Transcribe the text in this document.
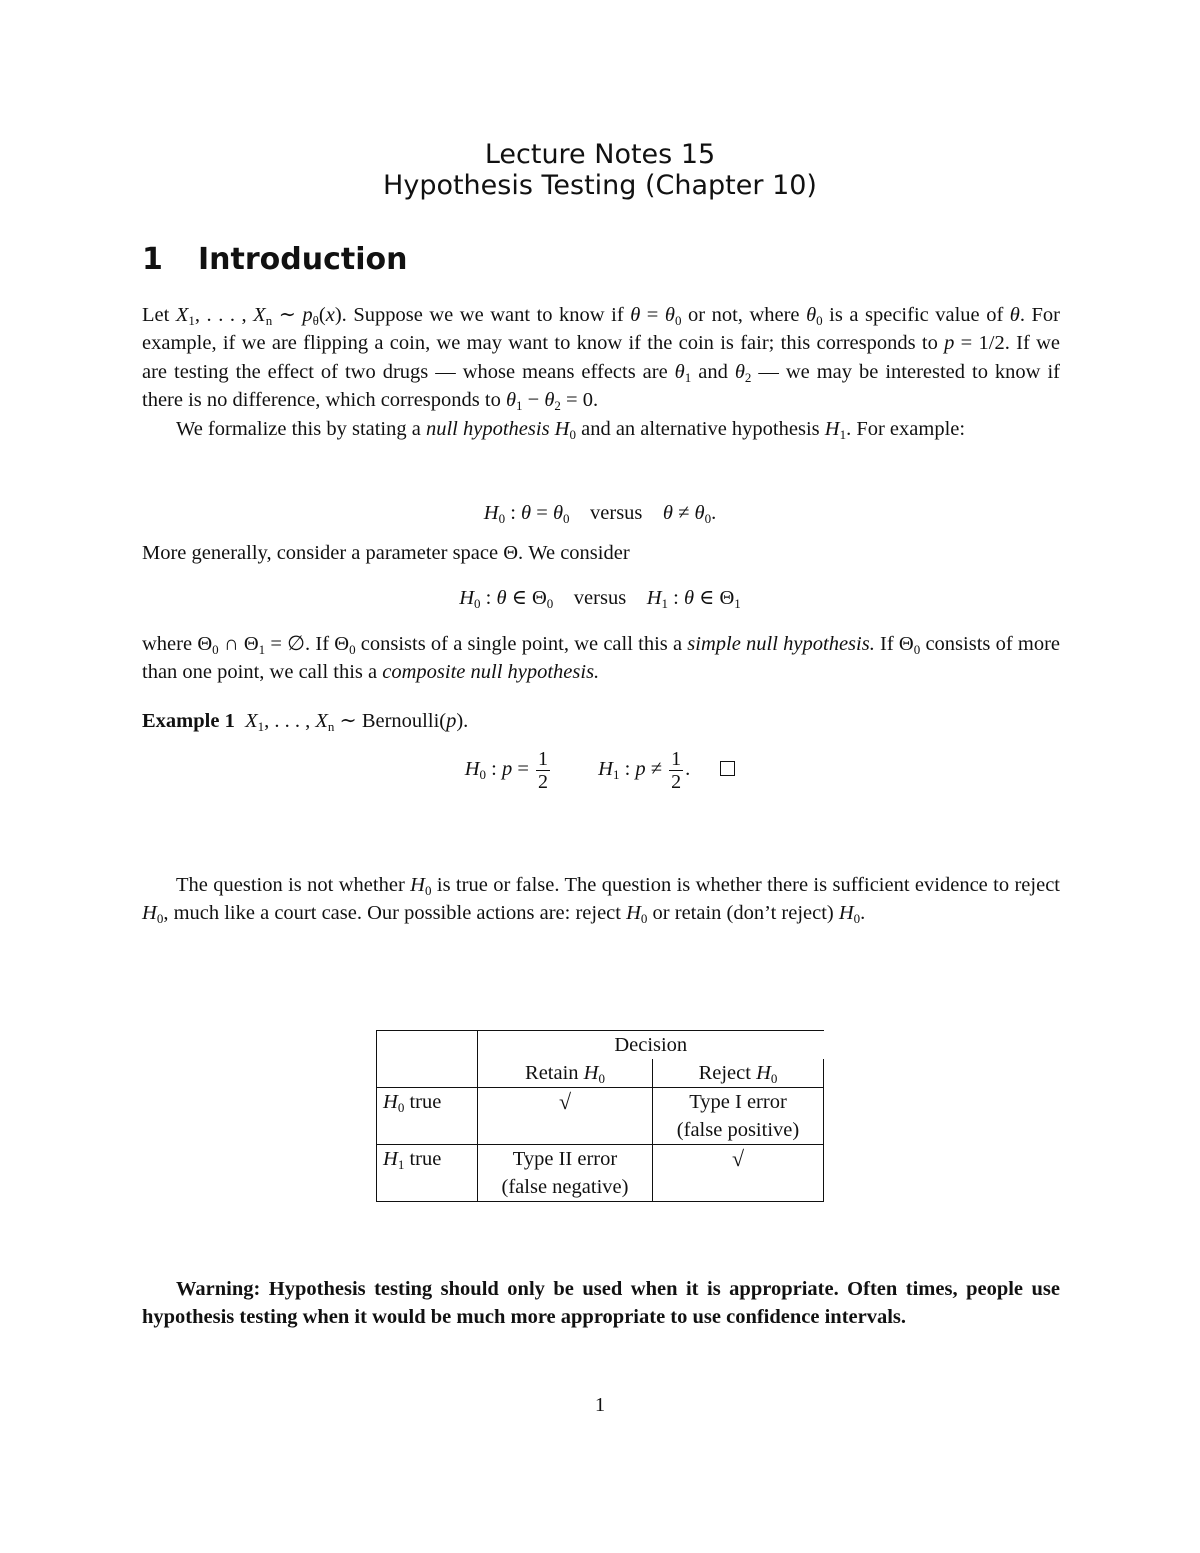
Lecture Notes 15
Hypothesis Testing (Chapter 10)
1 Introduction

Let $X_1$, . . . , $X_n$ ∼ $p_\theta(x)$. Suppose we we want to know if $\theta = \theta_0$ or not, where $\theta_0$ is a specific value of θ. For example, if we are flipping a coin, we may want to know if the coin is fair; this corresponds to p = 1/2. If we are testing the effect of two drugs — whose means effects are $\theta_1$ and $\theta_2$ — we may be interested to know if there is no difference, which corresponds to $\theta_1 - \theta_2 = 0$.

We formalize this by stating a null hypothesis $H_0$ and an alternative hypothesis $H_1$. For example:

$H_0$ : $\theta = \theta_0$ versus $\theta \ne \theta_0$.

More generally, consider a parameter space Θ. We consider

$H_0$ : θ ∈ $\Theta_0$ versus $H_1$ : θ ∈ $\Theta_1$

where $\Theta_0$ ∩ $\Theta_1$ = ∅. If $\Theta_0$ consists of a single point, we call this a simple null hypothesis. If $\Theta_0$ consists of more than one point, we call this a composite null hypothesis.

Example 1 $X_1$, . . . , $X_n$ ∼ Bernoulli(p).

$H_0$ : $p = \frac{1}{2} H_1$ : $p \ne \frac{1}{2}$ .

The question is not whether $H_0$ is true or false. The question is whether there is sufficient evidence to reject $H_0$, much like a court case. Our possible actions are: reject $H_0$ or retain (don’t reject) $H_0$.

	Decision	
	Retain $H_0$	Reject $H_0$
$H_0$ true	√	Type I error
(false positive)

$H_1$ true	Type II error
(false negative)	√

Warning: Hypothesis testing should only be used when it is appropriate. Often times, people use hypothesis testing when it would be much more appropriate to use confidence intervals.

1
